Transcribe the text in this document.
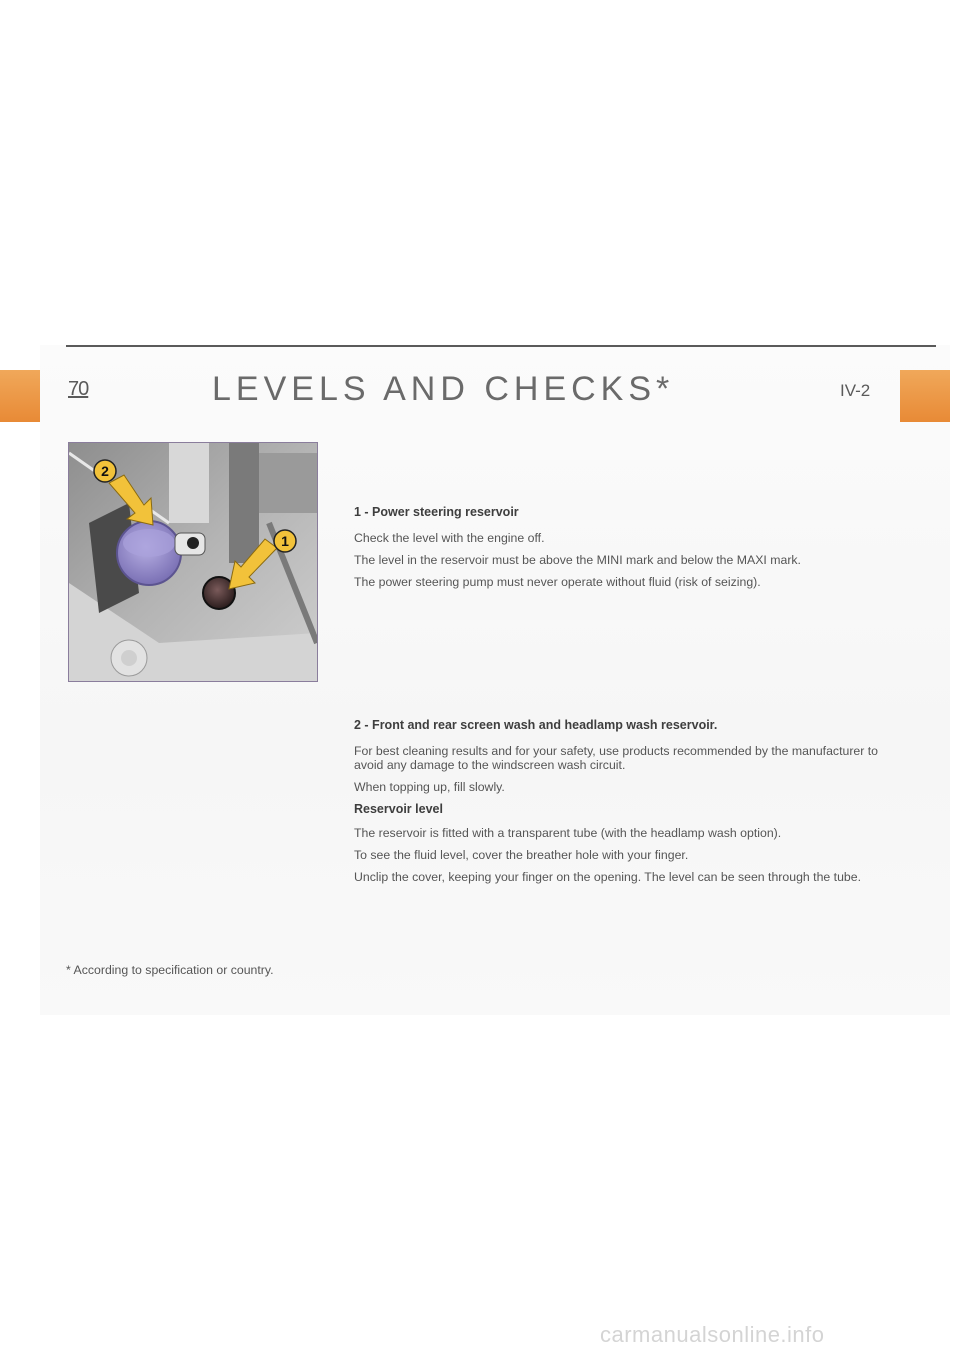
70	LEVELS AND CHECKS*	IV-2
2
1
1 - Power steering reservoir

Check the level with the engine off.

The level in the reservoir must be above the MINI mark and below the MAXI mark.

The power steering pump must never operate without fluid (risk of seizing).

2 - Front and rear screen wash and headlamp wash reservoir.

For best cleaning results and for your safety, use products recommended by the manufacturer to avoid any damage to the windscreen wash circuit.

When topping up, fill slowly.

Reservoir level

The reservoir is fitted with a transparent tube (with the headlamp wash option).

To see the fluid level, cover the breather hole with your finger.

Unclip the cover, keeping your finger on the opening. The level can be seen through the tube.

* According to specification or country.
carmanualsonline.info
